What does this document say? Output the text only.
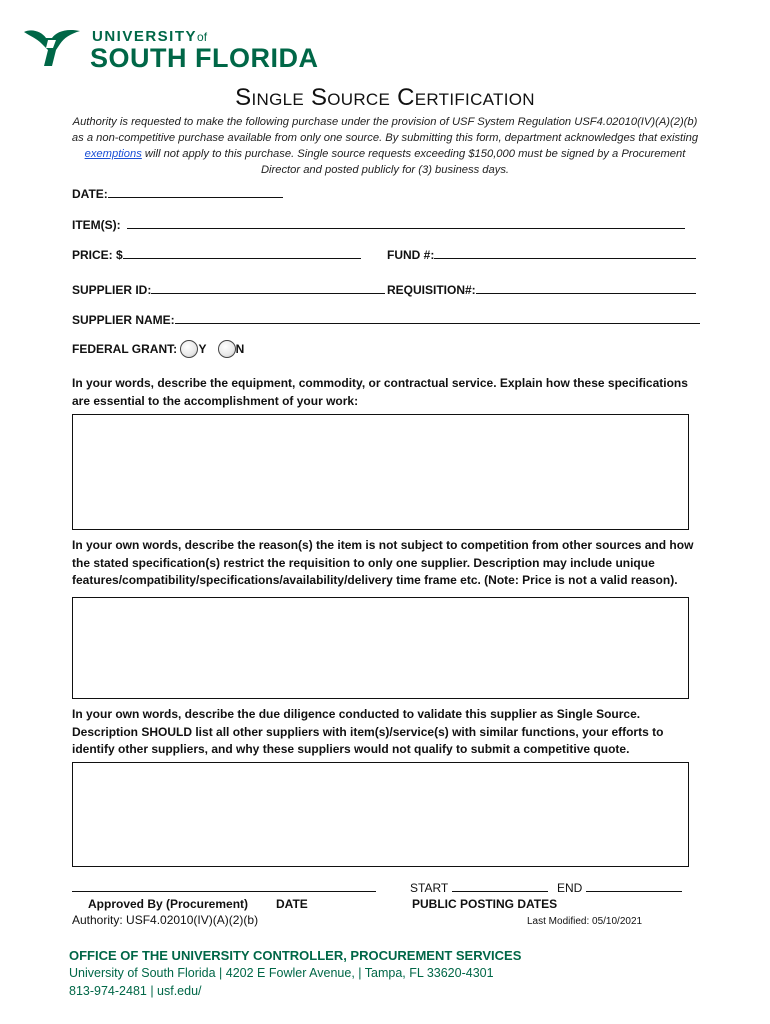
UNIVERSITYof
SOUTH FLORIDA
Single Source Certification
Authority is requested to make the following purchase under the provision of USF System Regulation USF4.02010(IV)(A)(2)(b) as a non-competitive purchase available from only one source. By submitting this form, department acknowledges that existing exemptions will not apply to this purchase. Single source requests exceeding $150,000 must be signed by a Procurement Director and posted publicly for (3) business days.
DATE:
ITEM(S):
PRICE: $	FUND #:
SUPPLIER ID:	REQUISITION#:
SUPPLIER NAME:
FEDERAL GRANT: Y N
In your words, describe the equipment, commodity, or contractual service. Explain how these specifications are essential to the accomplishment of your work:
In your own words, describe the reason(s) the item is not subject to competition from other sources and how the stated specification(s) restrict the requisition to only one supplier. Description may include unique features/compatibility/specifications/availability/delivery time frame etc. (Note: Price is not a valid reason).
In your own words, describe the due diligence conducted to validate this supplier as Single Source. Description SHOULD list all other suppliers with item(s)/service(s) with similar functions, your efforts to identify other suppliers, and why these suppliers would not qualify to submit a competitive quote.
Approved By (Procurement) DATE
Authority: USF4.02010(IV)(A)(2)(b)
START	END
PUBLIC POSTING DATES
Last Modified: 05/10/2021
OFFICE OF THE UNIVERSITY CONTROLLER, PROCUREMENT SERVICES
University of South Florida | 4202 E Fowler Avenue, | Tampa, FL 33620-4301
813-974-2481 | usf.edu/
